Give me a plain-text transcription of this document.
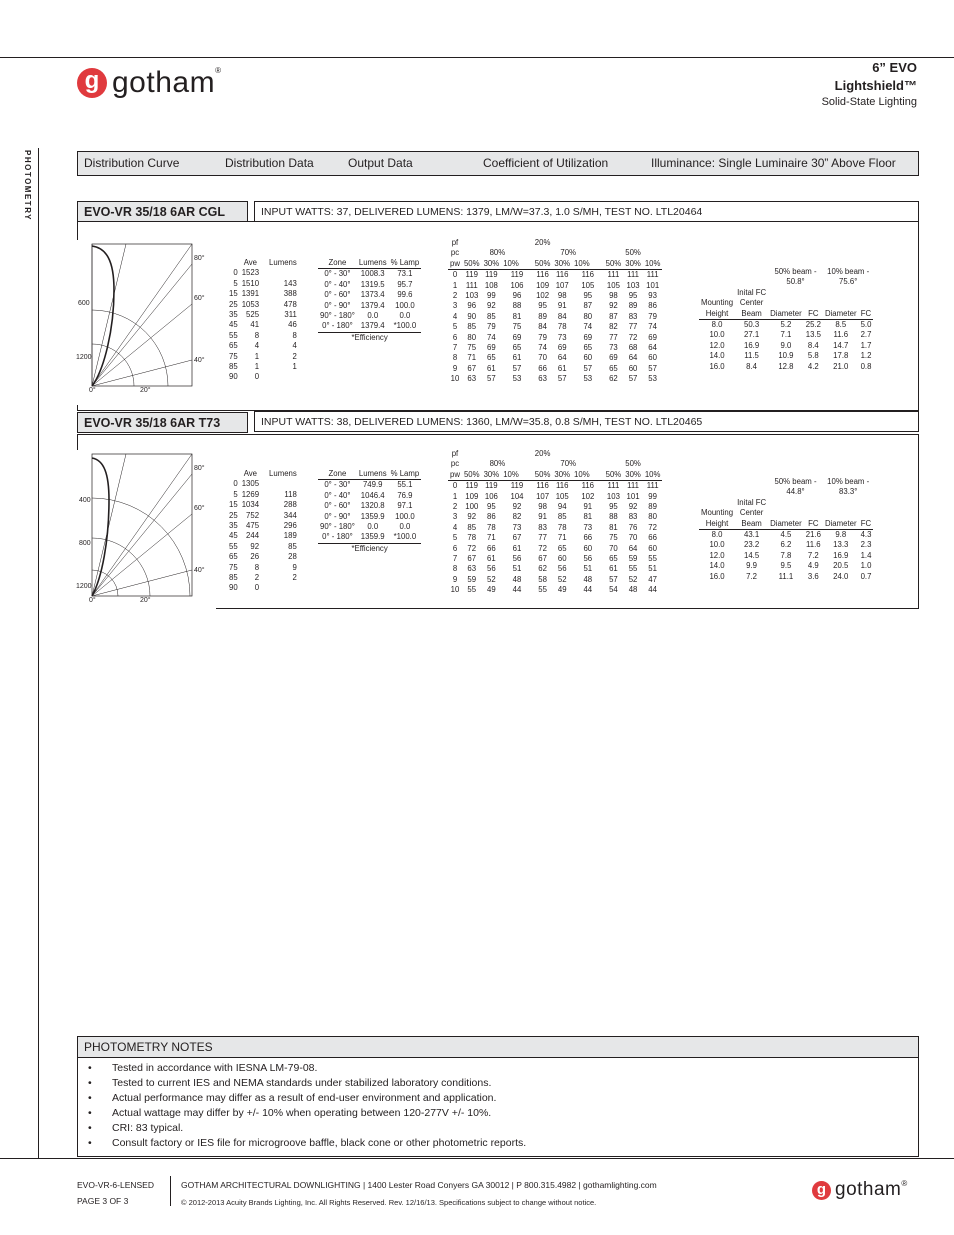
g gotham®	6” EVO
Lightshield™
Solid-State Lighting
PHOTOMETRY	Distribution Curve	Distribution Data	Output Data	Coefficient of Utilization	Illuminance: Single Luminaire 30” Above Floor
EVO-VR 35/18 6AR CGL	INPUT WATTS: 37, DELIVERED LUMENS: 1379, LM/W=37.3, 1.0 S/MH, TEST NO. LTL20464
80°
60°
40°
600
1200
0°	20°
	Ave	Lumens
0	1523	
5	1510	143
15	1391	388
25	1053	478
35	525	311
45	41	46
55	8	8
65	4	4
75	1	2
85	1	1
90	0	
Zone	Lumens	% Lamp
0° - 30°	1008.3	73.1
0° - 40°	1319.5	95.7
0° - 60°	1373.4	99.6
0° - 90°	1379.4	100.0
90° - 180°	0.0	0.0
0° - 180°	1379.4	*100.0
*Efficiency		
pf				20%					
pc	80%			70%			50%		
pw	50%	30%	10%	50%	30%	10%	50%	30%	10%
0	119	119	119	116	116	116	111	111	111
1	111	108	106	109	107	105	105	103	101
2	103	99	96	102	98	95	98	95	93
3	96	92	88	95	91	87	92	89	86
4	90	85	81	89	84	80	87	83	79
5	85	79	75	84	78	74	82	77	74
6	80	74	69	79	73	69	77	72	69
7	75	69	65	74	69	65	73	68	64
8	71	65	61	70	64	60	69	64	60
9	67	61	57	66	61	57	65	60	57
10	63	57	53	63	57	53	62	57	53
		50% beam -		10% beam -	
		50.8°		75.6°	
	Inital FC				
Mounting	Center				
Height	Beam	Diameter	FC	Diameter	FC
8.0	50.3	5.2	25.2	8.5	5.0
10.0	27.1	7.1	13.5	11.6	2.7
12.0	16.9	9.0	8.4	14.7	1.7
14.0	11.5	10.9	5.8	17.8	1.2
16.0	8.4	12.8	4.2	21.0	0.8
EVO-VR 35/18 6AR T73	INPUT WATTS: 38, DELIVERED LUMENS: 1360, LM/W=35.8, 0.8 S/MH, TEST NO. LTL20465
80°
60°
40°
400
800
1200
0°	20°
	Ave	Lumens
0	1305	
5	1269	118
15	1034	288
25	752	344
35	475	296
45	244	189
55	92	85
65	26	28
75	8	9
85	2	2
90	0	
Zone	Lumens	% Lamp
0° - 30°	749.9	55.1
0° - 40°	1046.4	76.9
0° - 60°	1320.8	97.1
0° - 90°	1359.9	100.0
90° - 180°	0.0	0.0
0° - 180°	1359.9	*100.0
*Efficiency		
pf				20%					
pc	80%			70%			50%		
pw	50%	30%	10%	50%	30%	10%	50%	30%	10%
0	119	119	119	116	116	116	111	111	111
1	109	106	104	107	105	102	103	101	99
2	100	95	92	98	94	91	95	92	89
3	92	86	82	91	85	81	88	83	80
4	85	78	73	83	78	73	81	76	72
5	78	71	67	77	71	66	75	70	66
6	72	66	61	72	65	60	70	64	60
7	67	61	56	67	60	56	65	59	55
8	63	56	51	62	56	51	61	55	51
9	59	52	48	58	52	48	57	52	47
10	55	49	44	55	49	44	54	48	44
		50% beam -		10% beam -	
		44.8°		83.3°	
	Inital FC				
Mounting	Center				
Height	Beam	Diameter	FC	Diameter	FC
8.0	43.1	4.5	21.6	9.8	4.3
10.0	23.2	6.2	11.6	13.3	2.3
12.0	14.5	7.8	7.2	16.9	1.4
14.0	9.9	9.5	4.9	20.5	1.0
16.0	7.2	11.1	3.6	24.0	0.7
PHOTOMETRY NOTES
• Tested in accordance with IESNA LM-79-08.
• Tested to current IES and NEMA standards under stabilized laboratory conditions.
• Actual performance may differ as a result of end-user environment and application.
• Actual wattage may differ by +/- 10% when operating between 120-277V +/- 10%.
• CRI: 83 typical.
• Consult factory or IES file for microgroove baffle, black cone or other photometric reports.
EVO-VR-6-LENSED
PAGE 3 OF 3
GOTHAM ARCHITECTURAL DOWNLIGHTING | 1400 Lester Road Conyers GA 30012 | P 800.315.4982 | gothamlighting.com
© 2012-2013 Acuity Brands Lighting, Inc. All Rights Reserved. Rev. 12/16/13. Specifications subject to change without notice.
g gotham®
